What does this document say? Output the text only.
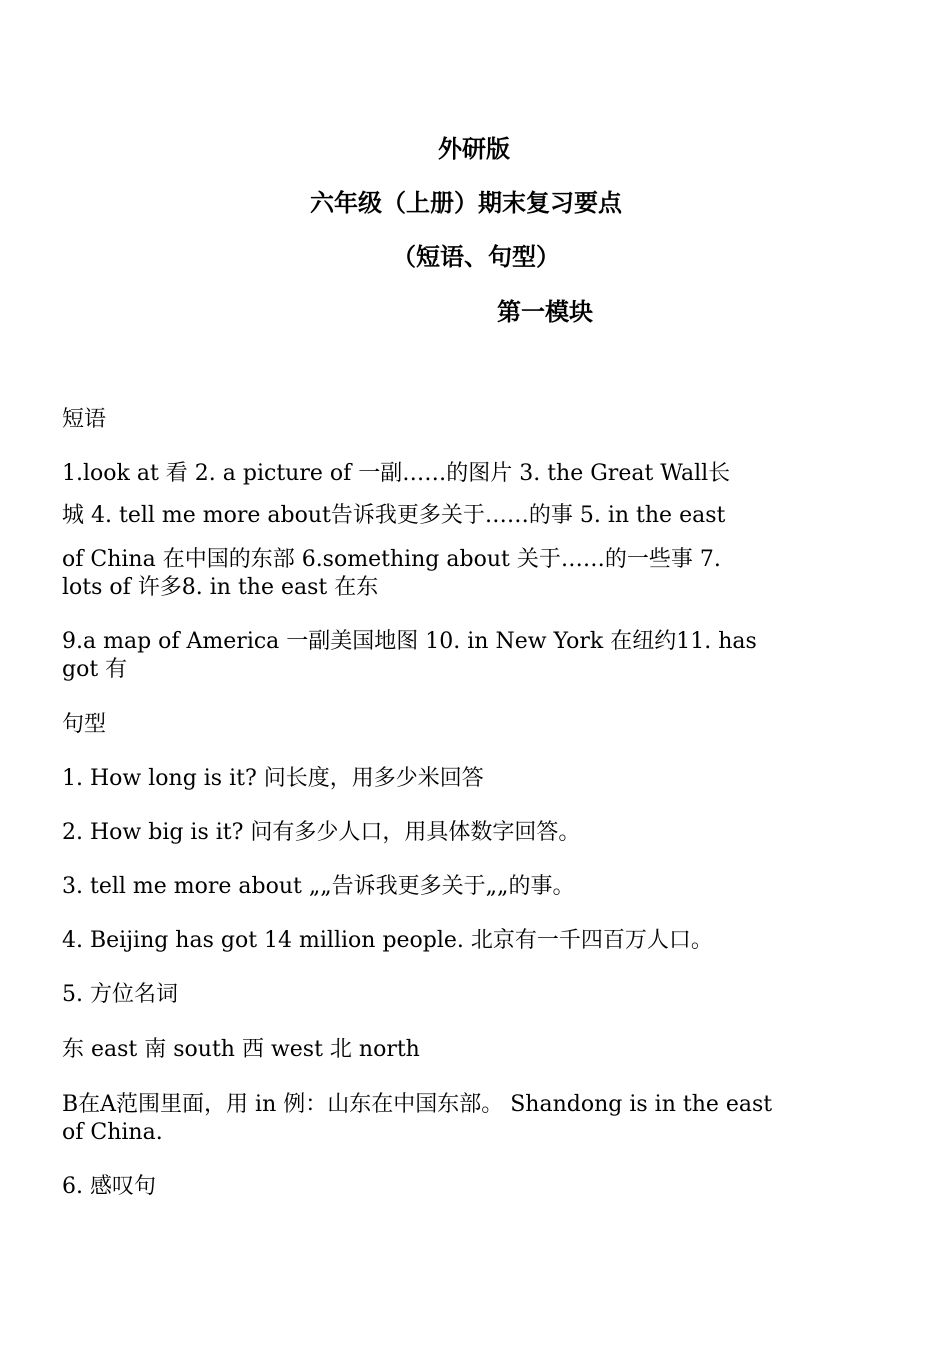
外研版
六年级（上册）期末复习要点
（短语、句型）
第一模块
短语
1.look at 看 2. a picture of 一副……的图片 3. the Great Wall长
城 4. tell me more about告诉我更多关于……的事 5. in the east
of China 在中国的东部 6.something about 关于……的一些事 7.
lots of 许多8. in the east 在东
9.a map of America 一副美国地图 10. in New York 在纽约11. has
got 有
句型
1. How long is it? 问长度，用多少米回答
2. How big is it? 问有多少人口，用具体数字回答。
3. tell me more about „„告诉我更多关于„„的事。
4. Beijing has got 14 million people. 北京有一千四百万人口。
5. 方位名词
东 east 南 south 西 west 北 north
B在A范围里面，用 in 例：山东在中国东部。 Shandong is in the east
of China.
6. 感叹句
